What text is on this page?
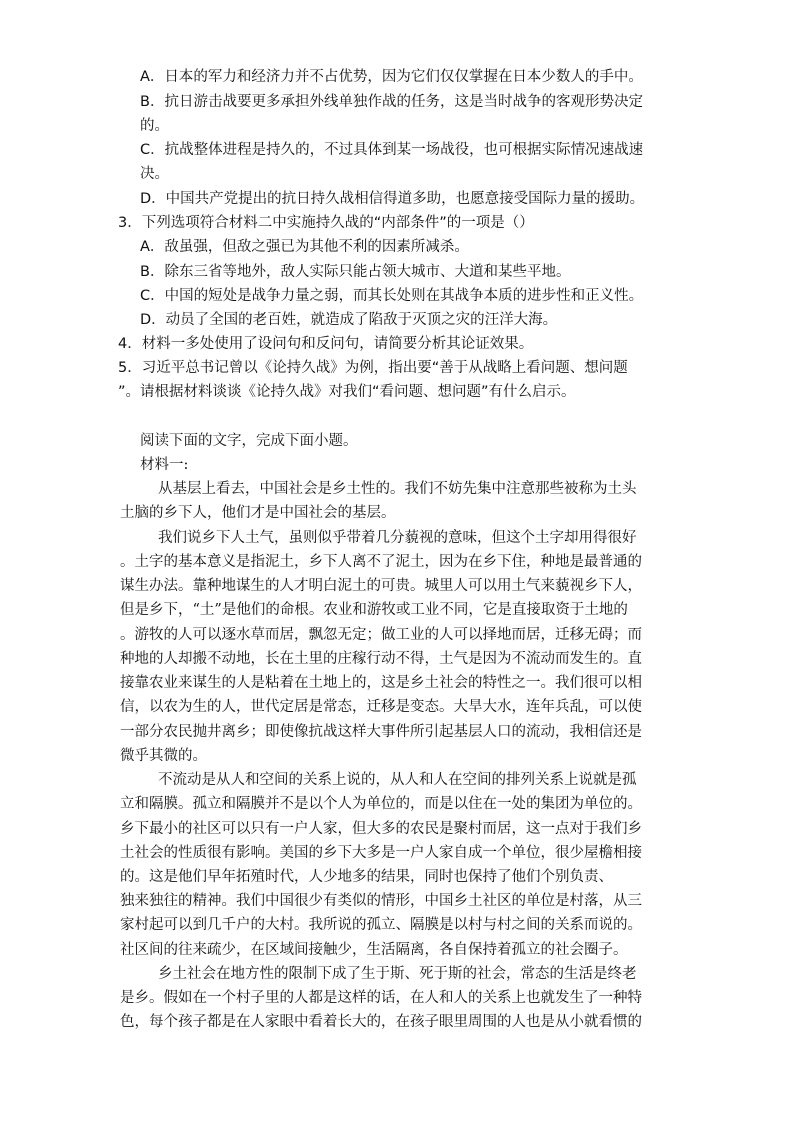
A．日本的军力和经济力并不占优势，因为它们仅仅掌握在日本少数人的手中。
B．抗日游击战要更多承担外线单独作战的任务，这是当时战争的客观形势决定
的。
C．抗战整体进程是持久的，不过具体到某一场战役，也可根据实际情况速战速
决。
D．中国共产党提出的抗日持久战相信得道多助，也愿意接受国际力量的援助。
3．下列选项符合材料二中实施持久战的“内部条件”的一项是（）
A．敌虽强，但敌之强已为其他不利的因素所减杀。
B．除东三省等地外，敌人实际只能占领大城市、大道和某些平地。
C．中国的短处是战争力量之弱，而其长处则在其战争本质的进步性和正义性。
D．动员了全国的老百姓，就造成了陷敌于灭顶之灾的汪洋大海。
4．材料一多处使用了设问句和反问句，请简要分析其论证效果。
5．习近平总书记曾以《论持久战》为例，指出要“善于从战略上看问题、想问题
”。请根据材料谈谈《论持久战》对我们“看问题、想问题”有什么启示。
阅读下面的文字，完成下面小题。
材料一:
从基层上看去，中国社会是乡土性的。我们不妨先集中注意那些被称为土头
土脑的乡下人，他们才是中国社会的基层。
我们说乡下人土气，虽则似乎带着几分藐视的意味，但这个土字却用得很好
。土字的基本意义是指泥土，乡下人离不了泥土，因为在乡下住，种地是最普通的
谋生办法。靠种地谋生的人才明白泥土的可贵。城里人可以用土气来藐视乡下人，
但是乡下，“土”是他们的命根。农业和游牧或工业不同，它是直接取资于土地的
。游牧的人可以逐水草而居，飘忽无定；做工业的人可以择地而居，迁移无碍；而
种地的人却搬不动地，长在土里的庄稼行动不得，土气是因为不流动而发生的。直
接靠农业来谋生的人是粘着在土地上的，这是乡土社会的特性之一。我们很可以相
信，以农为生的人，世代定居是常态，迁移是变态。大旱大水，连年兵乱，可以使
一部分农民抛井离乡；即使像抗战这样大事件所引起基层人口的流动，我相信还是
微乎其微的。
不流动是从人和空间的关系上说的，从人和人在空间的排列关系上说就是孤
立和隔膜。孤立和隔膜并不是以个人为单位的，而是以住在一处的集团为单位的。
乡下最小的社区可以只有一户人家，但大多的农民是聚村而居，这一点对于我们乡
土社会的性质很有影响。美国的乡下大多是一户人家自成一个单位，很少屋檐相接
的。这是他们早年拓殖时代，人少地多的结果，同时也保持了他们个别负责、
独来独往的精神。我们中国很少有类似的情形，中国乡土社区的单位是村落，从三
家村起可以到几千户的大村。我所说的孤立、隔膜是以村与村之间的关系而说的。
社区间的往来疏少，在区域间接触少，生活隔离，各自保持着孤立的社会圈子。
乡土社会在地方性的限制下成了生于斯、死于斯的社会，常态的生活是终老
是乡。假如在一个村子里的人都是这样的话，在人和人的关系上也就发生了一种特
色，每个孩子都是在人家眼中看着长大的，在孩子眼里周围的人也是从小就看惯的
